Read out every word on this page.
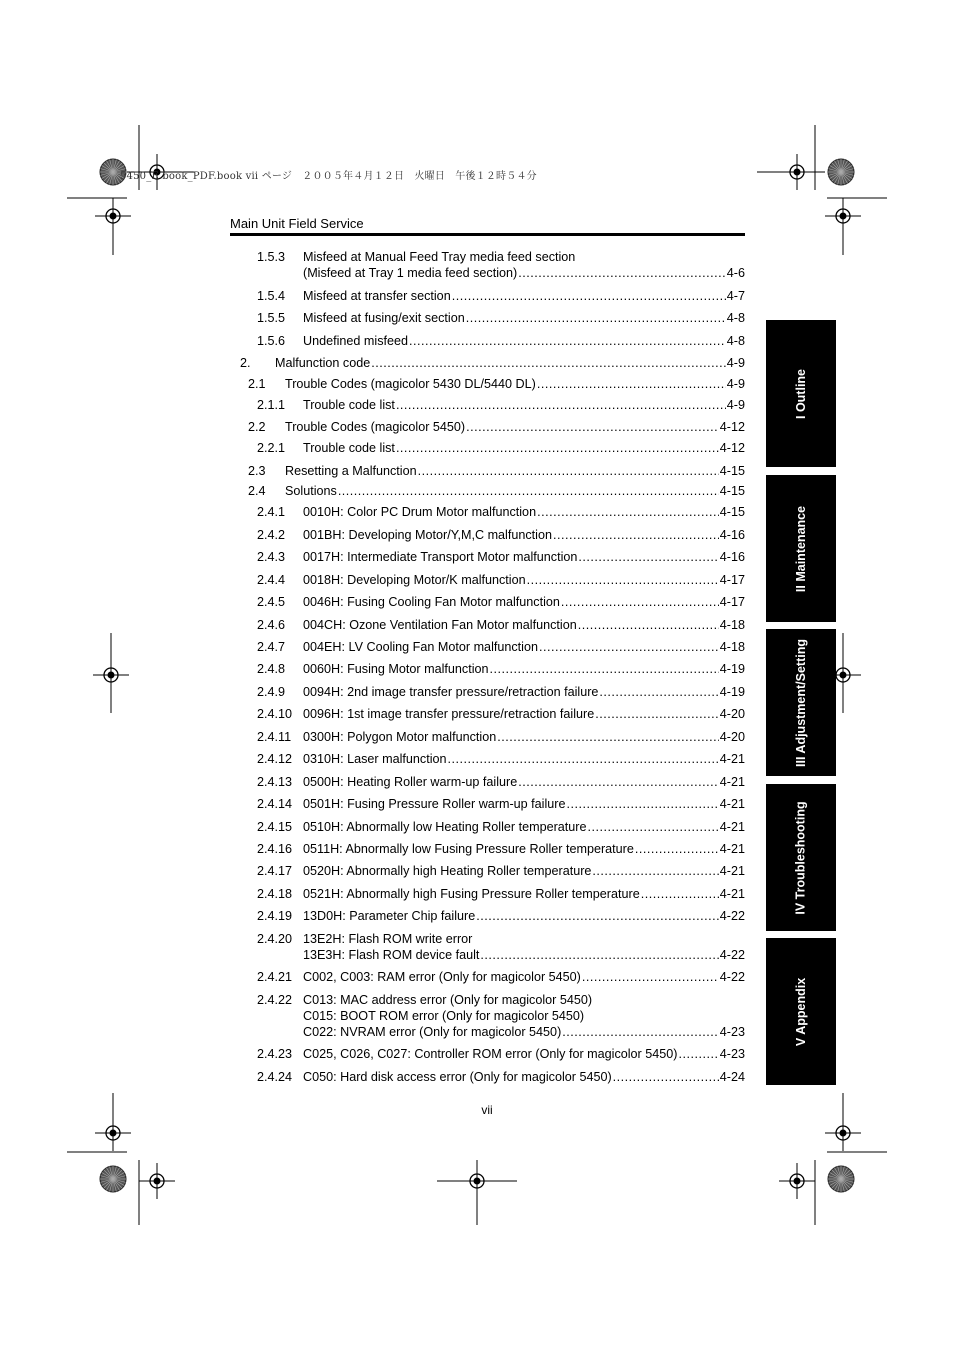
5450_E.book_PDF.book vii ページ　２００５年４月１２日　火曜日　午後１２時５４分
Main Unit Field Service
1.5.3 Misfeed at Manual Feed Tray media feed section
(Misfeed at Tray 1 media feed section) .....	4-6
1.5.4 Misfeed at transfer section .....	4-7
1.5.5 Misfeed at fusing/exit section .....	4-8
1.5.6 Undefined misfeed .....	4-8
2. Malfunction code .....	4-9
2.1 Trouble Codes (magicolor 5430 DL/5440 DL) .....	4-9
2.1.1 Trouble code list .....	4-9
2.2 Trouble Codes (magicolor 5450) .....	4-12
2.2.1 Trouble code list .....	4-12
2.3 Resetting a Malfunction .....	4-15
2.4 Solutions .....	4-15
2.4.1 0010H: Color PC Drum Motor malfunction .....	4-15
2.4.2 001BH: Developing Motor/Y,M,C malfunction .....	4-16
2.4.3 0017H: Intermediate Transport Motor malfunction .....	4-16
2.4.4 0018H: Developing Motor/K malfunction .....	4-17
2.4.5 0046H: Fusing Cooling Fan Motor malfunction .....	4-17
2.4.6 004CH: Ozone Ventilation Fan Motor malfunction .....	4-18
2.4.7 004EH: LV Cooling Fan Motor malfunction .....	4-18
2.4.8 0060H: Fusing Motor malfunction .....	4-19
2.4.9 0094H: 2nd image transfer pressure/retraction failure .....	4-19
2.4.10 0096H: 1st image transfer pressure/retraction failure .....	4-20
2.4.11 0300H: Polygon Motor malfunction .....	4-20
2.4.12 0310H: Laser malfunction .....	4-21
2.4.13 0500H: Heating Roller warm-up failure .....	4-21
2.4.14 0501H: Fusing Pressure Roller warm-up failure .....	4-21
2.4.15 0510H: Abnormally low Heating Roller temperature .....	4-21
2.4.16 0511H: Abnormally low Fusing Pressure Roller temperature .....	4-21
2.4.17 0520H: Abnormally high Heating Roller temperature .....	4-21
2.4.18 0521H: Abnormally high Fusing Pressure Roller temperature .....	4-21
2.4.19 13D0H: Parameter Chip failure .....	4-22
2.4.20 13E2H: Flash ROM write error
13E3H: Flash ROM device fault .....	4-22
2.4.21 C002, C003: RAM error (Only for magicolor 5450) .....	4-22
2.4.22 C013: MAC address error (Only for magicolor 5450)
C015: BOOT ROM error (Only for magicolor 5450)
C022: NVRAM error (Only for magicolor 5450) .....	4-23
2.4.23 C025, C026, C027: Controller ROM error (Only for magicolor 5450) .....	4-23
2.4.24 C050: Hard disk access error (Only for magicolor 5450) .....	4-24
vii
I Outline
II Maintenance
III Adjustment/Setting
IV Troubleshooting
V Appendix
